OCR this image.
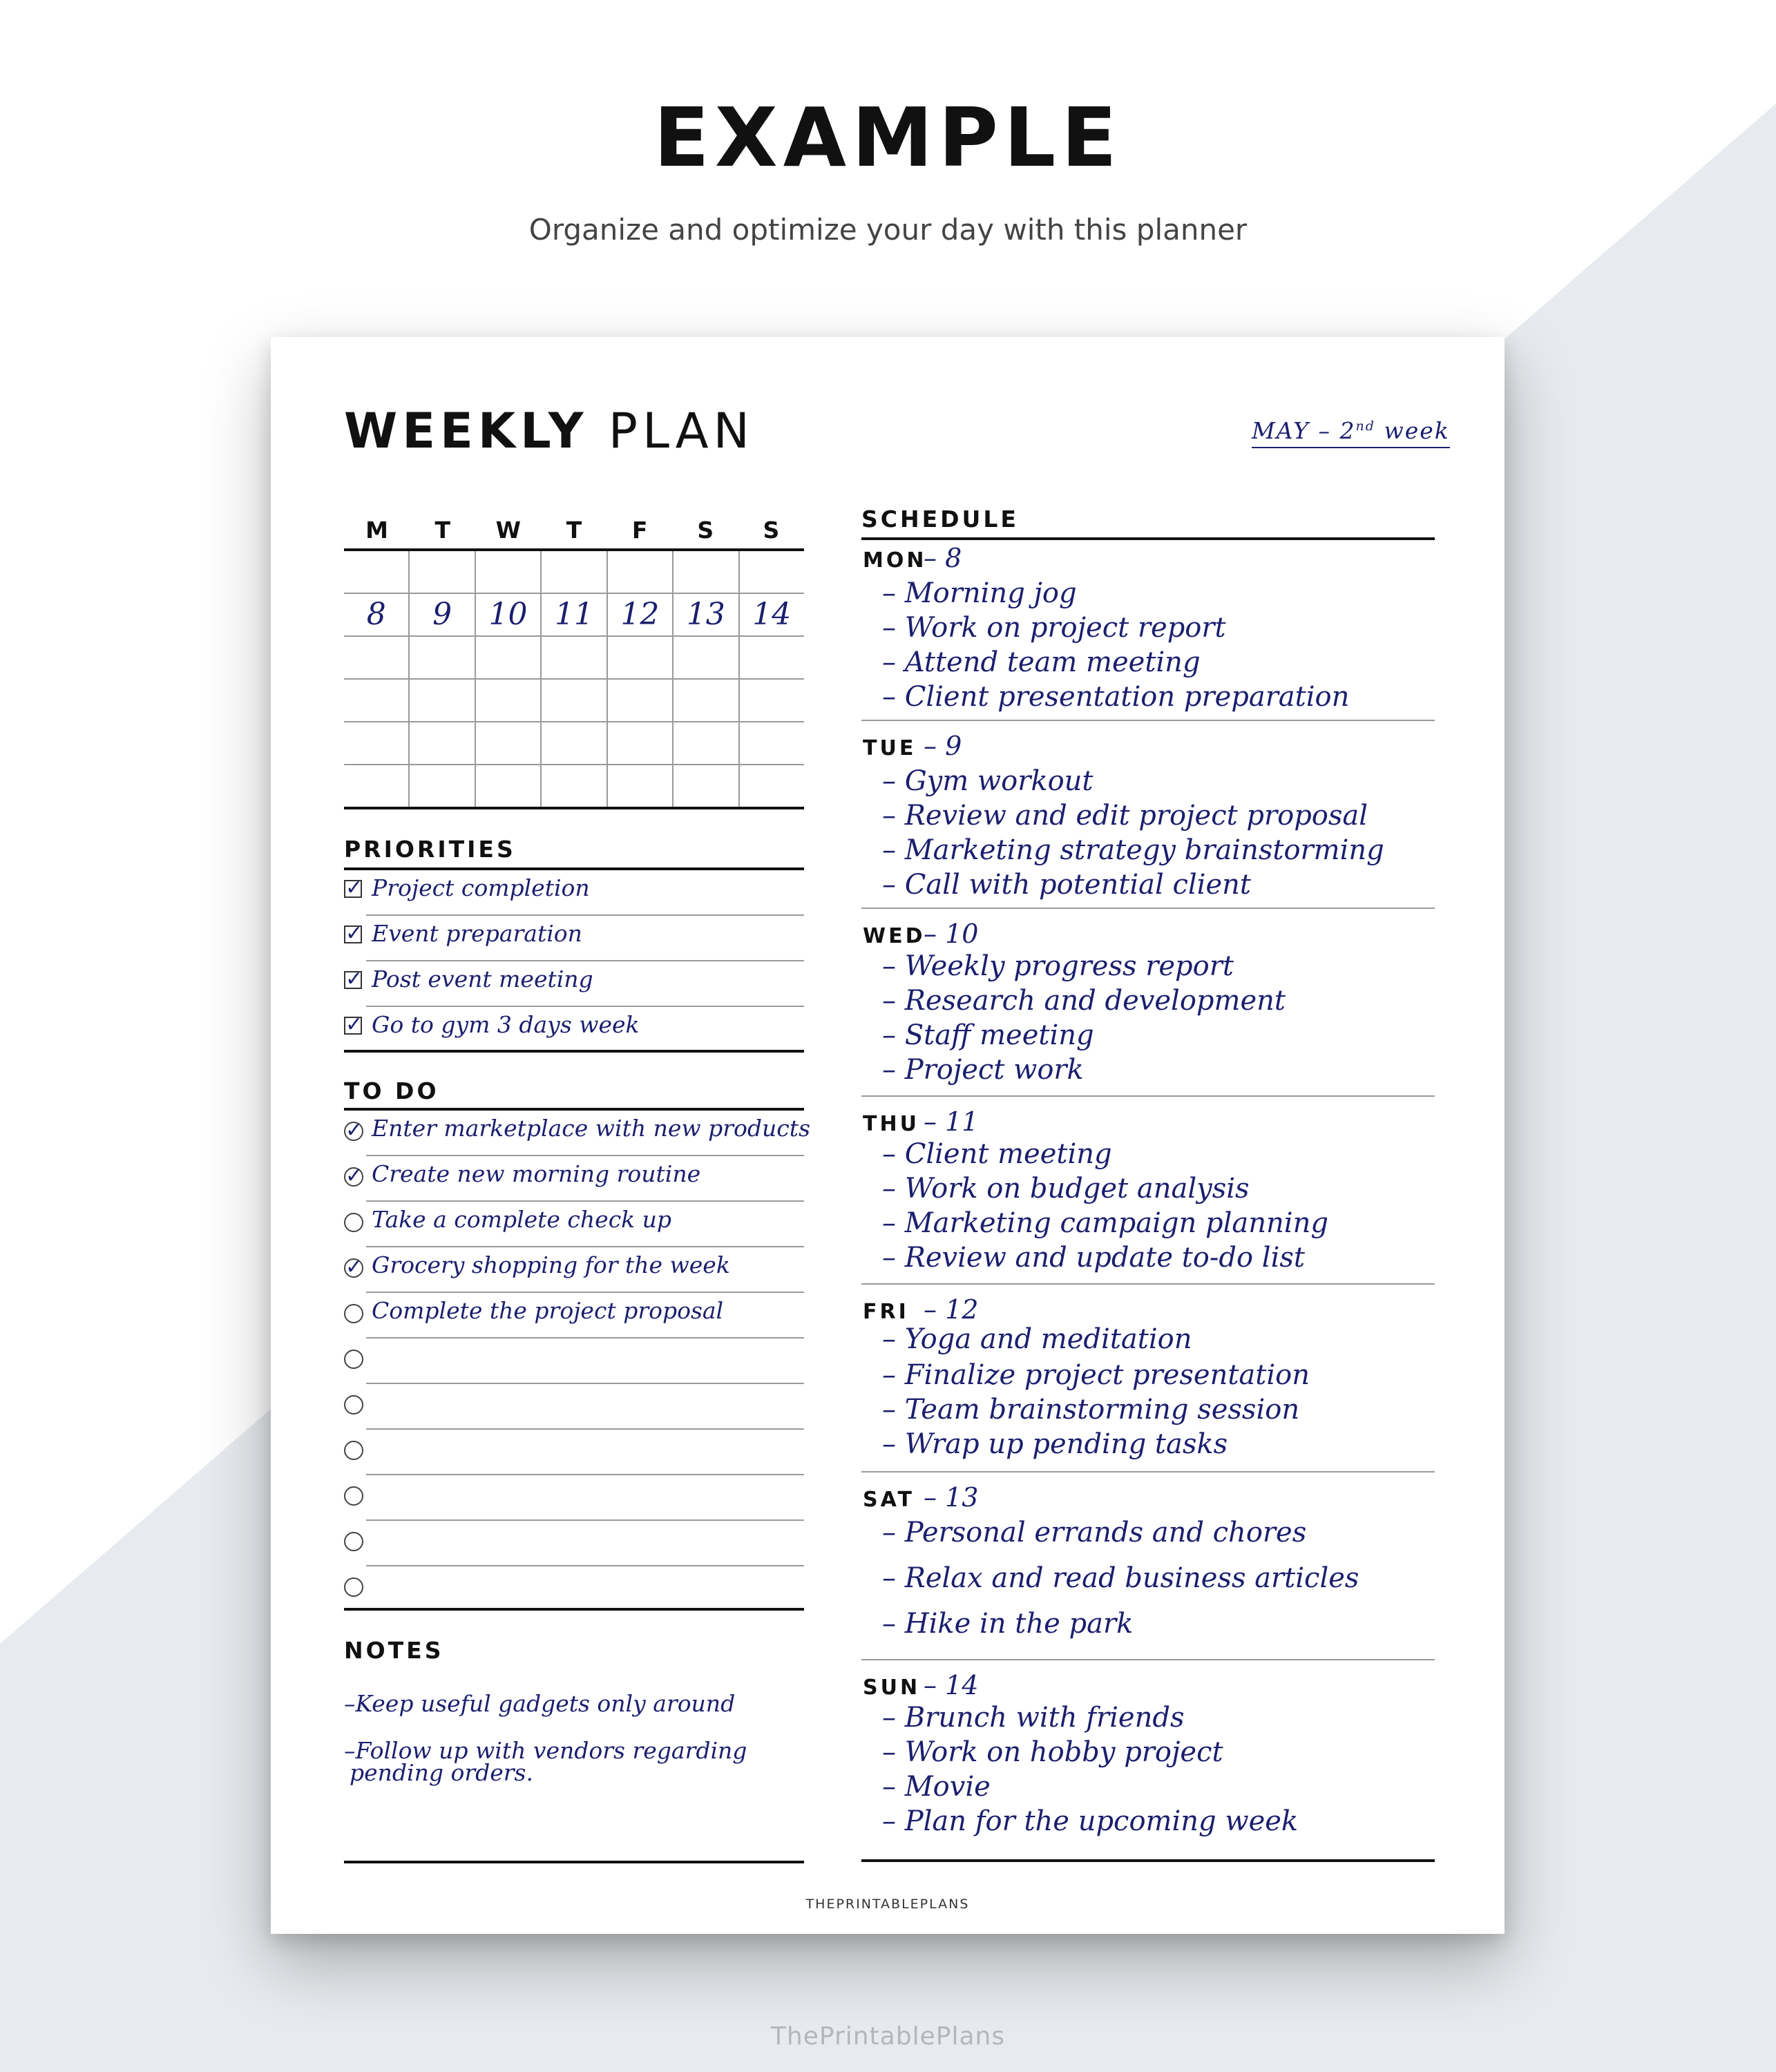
EXAMPLE
Organize and optimize your day with this planner
WEEKLY PLAN	MAY – 2nd week
M	T	W	T	F	S	S
8	9	10 11 12 13 14
PRIORITIES
✓ Project completion
✓ Event preparation
✓ Post event meeting
✓ Go to gym 3 days week
TO DO
✓ Enter marketplace with new products
✓ Create new morning routine
Take a complete check up
✓ Grocery shopping for the week
Complete the project proposal
NOTES
–Keep useful gadgets only around
–Follow up with vendors regarding
pending orders.
SCHEDULE
MON
– 8
– Morning jog
– Work on project report
– Attend team meeting
– Client presentation preparation
TUE – 9
– Gym workout
– Review and edit project proposal
– Marketing strategy brainstorming
– Call with potential client
WED
– 10
– Weekly progress report
– Research and development
– Staff meeting
– Project work
THU – 11
– Client meeting
– Work on budget analysis
– Marketing campaign planning
– Review and update to-do list
FRI – 12
– Yoga and meditation
– Finalize project presentation
– Team brainstorming session
– Wrap up pending tasks
SAT – 13
– Personal errands and chores
– Relax and read business articles
– Hike in the park
SUN – 14
– Brunch with friends
– Work on hobby project
– Movie
– Plan for the upcoming week
THEPRINTABLEPLANS
ThePrintablePlans
